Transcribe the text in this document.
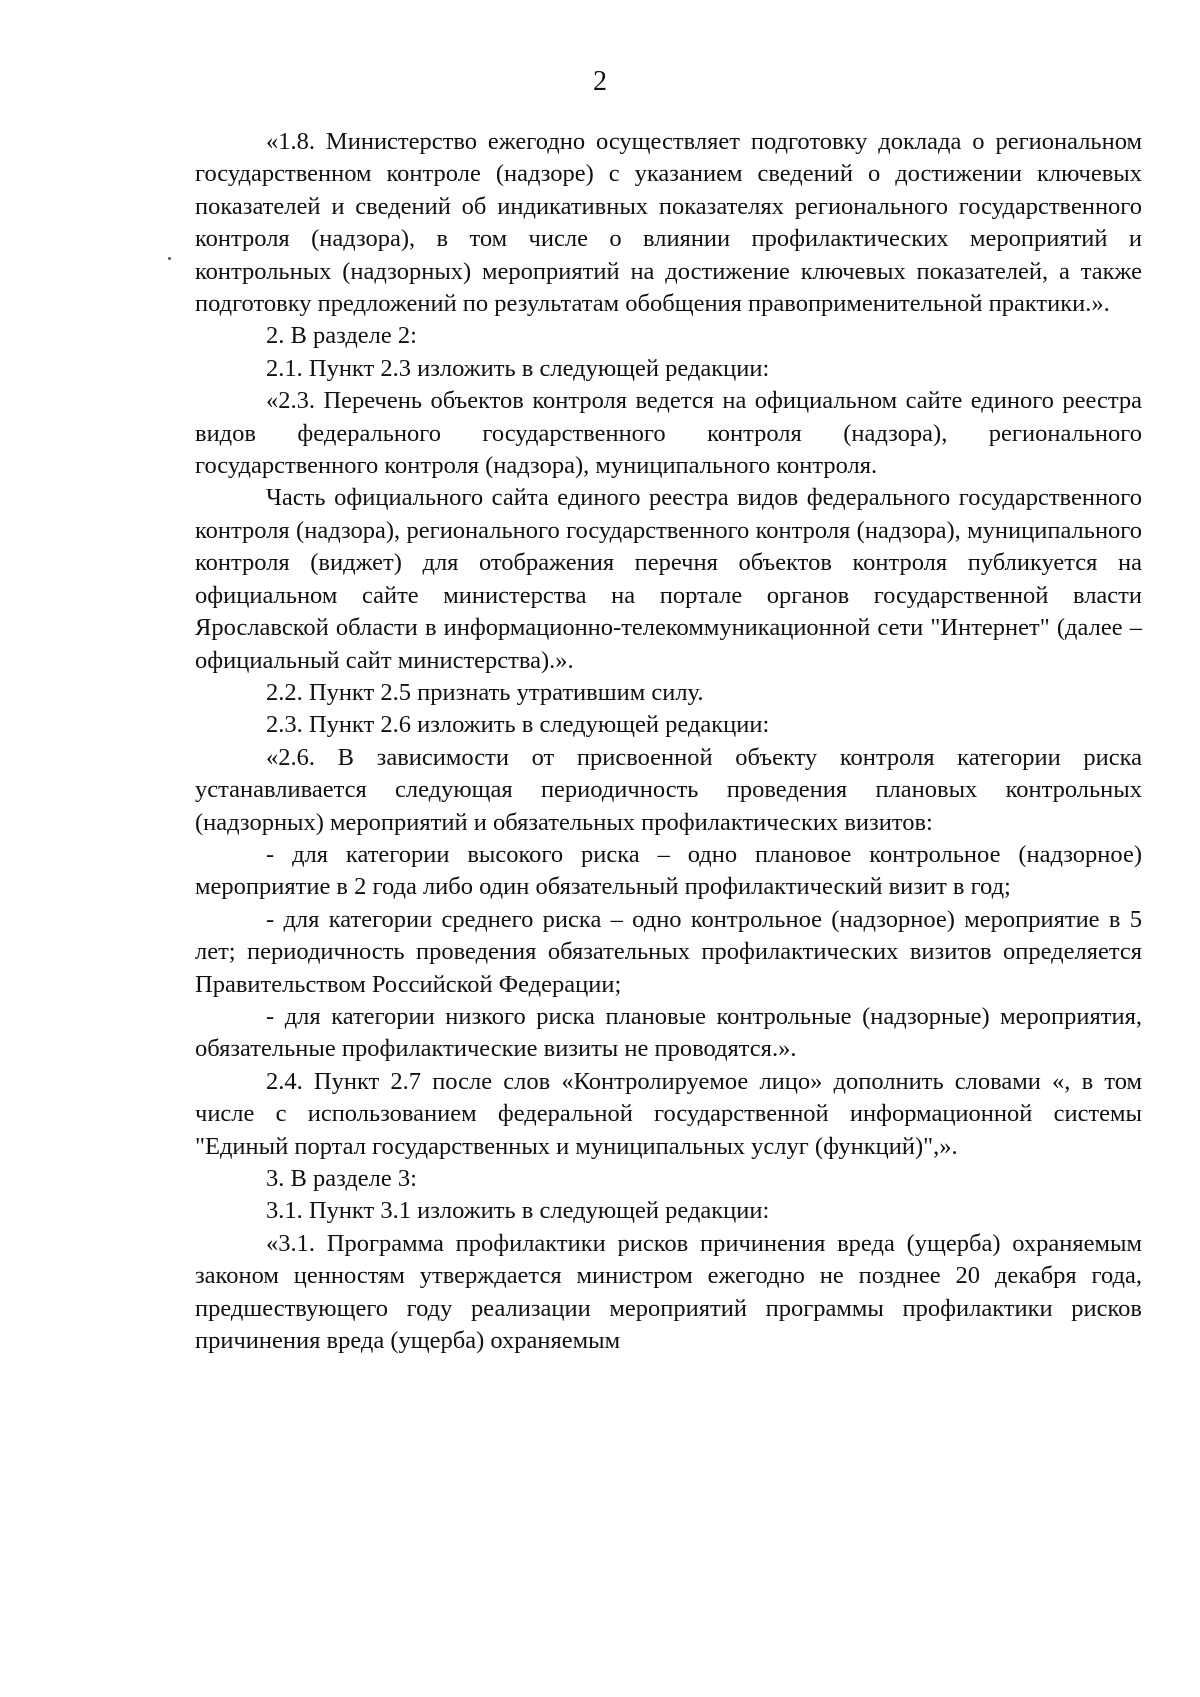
2

«1.8. Министерство ежегодно осуществляет подготовку доклада о региональном государственном контроле (надзоре) с указанием сведений о достижении ключевых показателей и сведений об индикативных показателях регионального государственного контроля (надзора), в том числе о влиянии профилактических мероприятий и контрольных (надзорных) мероприятий на достижение ключевых показателей, а также подготовку предложений по результатам обобщения правоприменительной практики.».

2. В разделе 2:

2.1. Пункт 2.3 изложить в следующей редакции:

«2.3. Перечень объектов контроля ведется на официальном сайте единого реестра видов федерального государственного контроля (надзора), регионального государственного контроля (надзора), муниципального контроля.

Часть официального сайта единого реестра видов федерального государственного контроля (надзора), регионального государственного контроля (надзора), муниципального контроля (виджет) для отображения перечня объектов контроля публикуется на официальном сайте министерства на портале органов государственной власти Ярославской области в информационно-телекоммуникационной сети "Интернет" (далее – официальный сайт министерства).».

2.2. Пункт 2.5 признать утратившим силу.

2.3. Пункт 2.6 изложить в следующей редакции:

«2.6. В зависимости от присвоенной объекту контроля категории риска устанавливается следующая периодичность проведения плановых контрольных (надзорных) мероприятий и обязательных профилактических визитов:

- для категории высокого риска – одно плановое контрольное (надзорное) мероприятие в 2 года либо один обязательный профилактический визит в год;

- для категории среднего риска – одно контрольное (надзорное) мероприятие в 5 лет; периодичность проведения обязательных профилактических визитов определяется Правительством Российской Федерации;

- для категории низкого риска плановые контрольные (надзорные) мероприятия, обязательные профилактические визиты не проводятся.».

2.4. Пункт 2.7 после слов «Контролируемое лицо» дополнить словами «, в том числе с использованием федеральной государственной информационной системы "Единый портал государственных и муниципальных услуг (функций)",».

3. В разделе 3:

3.1. Пункт 3.1 изложить в следующей редакции:

«3.1. Программа профилактики рисков причинения вреда (ущерба) охраняемым законом ценностям утверждается министром ежегодно не позднее 20 декабря года, предшествующего году реализации мероприятий программы профилактики рисков причинения вреда (ущерба) охраняемым
